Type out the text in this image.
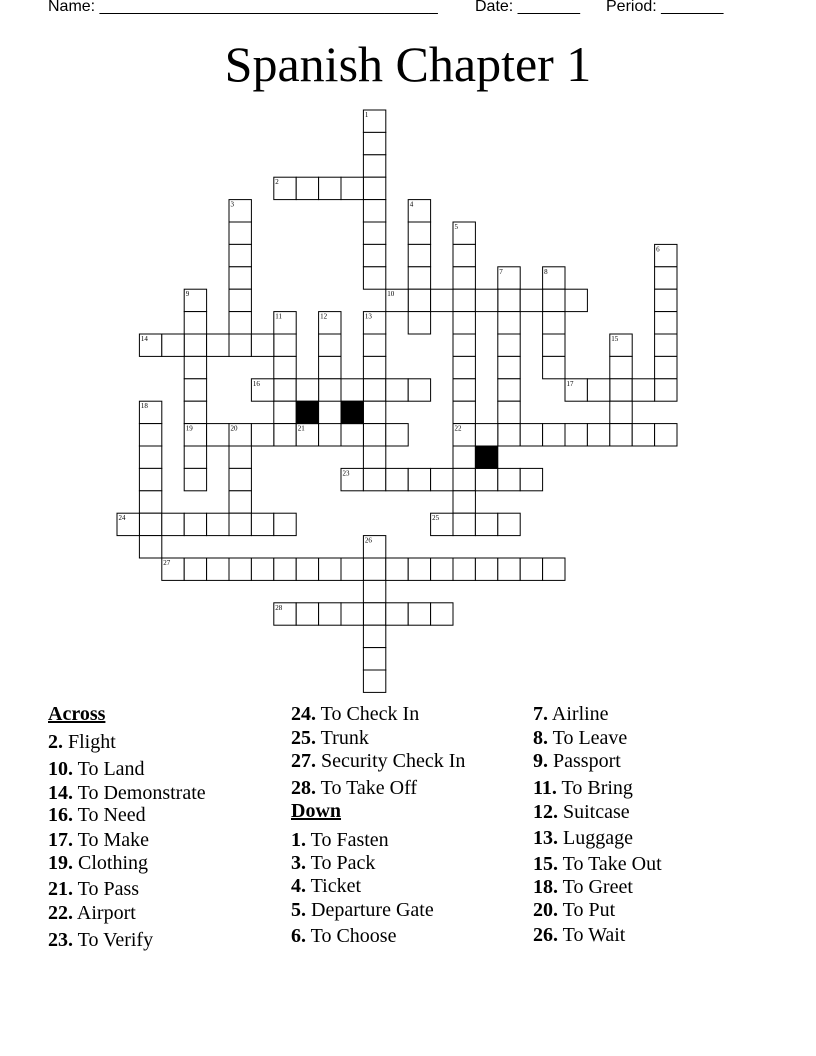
Name: ______________________________________

Date: _______

Period: _______

Spanish Chapter 1
1
2
3	4
5
6
7	8
9	10
11	12	13
14	15
16	17
18
19	20	21	22
23
24	25
26
27
28
Across
2. Flight
10. To Land
14. To Demonstrate
16. To Need
17. To Make
19. Clothing
21. To Pass
22. Airport
23. To Verify
24. To Check In
25. Trunk
27. Security Check In
28. To Take Off
Down
1. To Fasten
3. To Pack
4. Ticket
5. Departure Gate
6. To Choose
7. Airline
8. To Leave
9. Passport
11. To Bring
12. Suitcase
13. Luggage
15. To Take Out
18. To Greet
20. To Put
26. To Wait
